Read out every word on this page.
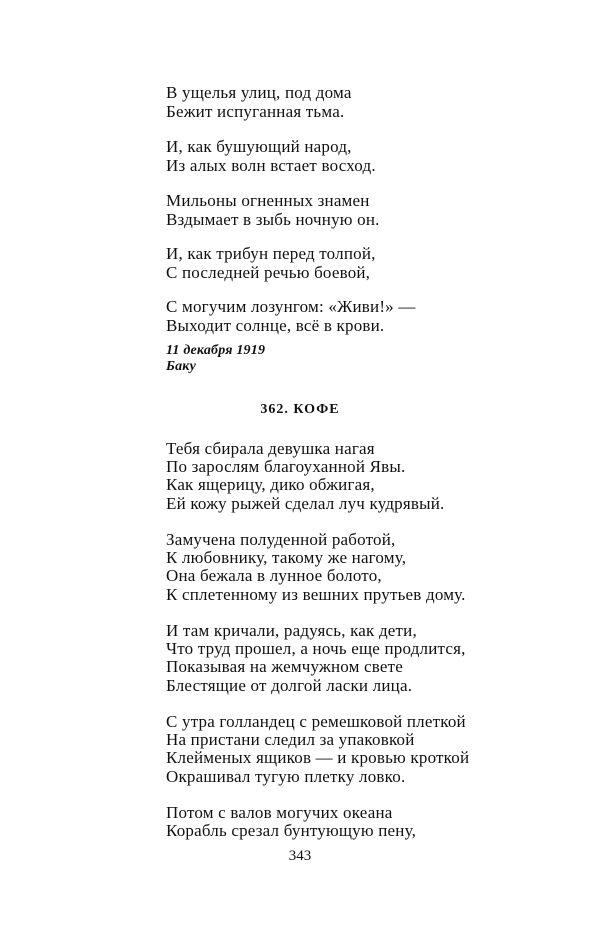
В ущелья улиц, под дома
Бежит испуганная тьма.
И, как бушующий народ,
Из алых волн встает восход.
Мильоны огненных знамен
Вздымает в зыбь ночную он.
И, как трибун перед толпой,
С последней речью боевой,
С могучим лозунгом: «Живи!» —
Выходит солнце, всё в крови.
11 декабря 1919
Баку
362. КОФЕ
Тебя сбирала девушка нагая
По зарослям благоуханной Явы.
Как ящерицу, дико обжигая,
Ей кожу рыжей сделал луч кудрявый.
Замучена полуденной работой,
К любовнику, такому же нагому,
Она бежала в лунное болото,
К сплетенному из вешних прутьев дому.
И там кричали, радуясь, как дети,
Что труд прошел, а ночь еще продлится,
Показывая на жемчужном свете
Блестящие от долгой ласки лица.
С утра голландец с ремешковой плеткой
На пристани следил за упаковкой
Клейменых ящиков — и кровью кроткой
Окрашивал тугую плетку ловко.
Потом с валов могучих океана
Корабль срезал бунтующую пену,
343
